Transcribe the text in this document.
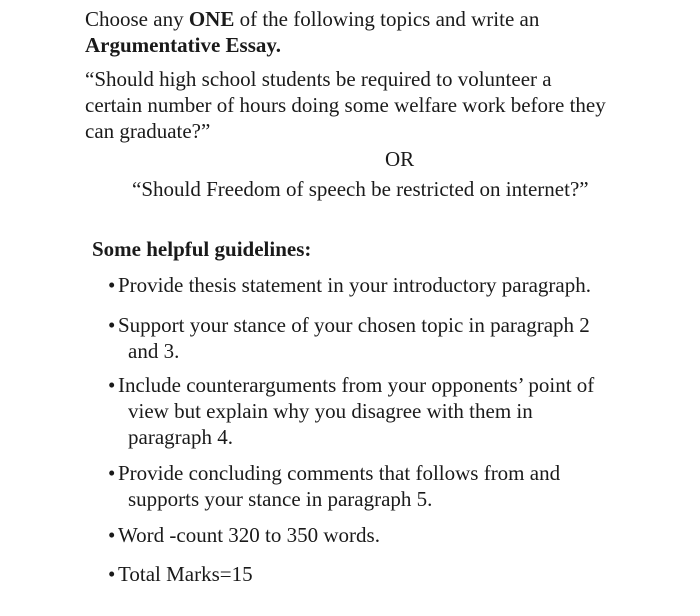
Choose any ONE of the following topics and write an
Argumentative Essay.
“Should high school students be required to volunteer a
certain number of hours doing some welfare work before they
can graduate?”
OR
“Should Freedom of speech be restricted on internet?”
Some helpful guidelines:
• Provide thesis statement in your introductory paragraph.
• Support your stance of your chosen topic in paragraph 2
and 3.
• Include counterarguments from your opponents’ point of
view but explain why you disagree with them in
paragraph 4.
• Provide concluding comments that follows from and
supports your stance in paragraph 5.
• Word -count 320 to 350 words.
• Total Marks=15
